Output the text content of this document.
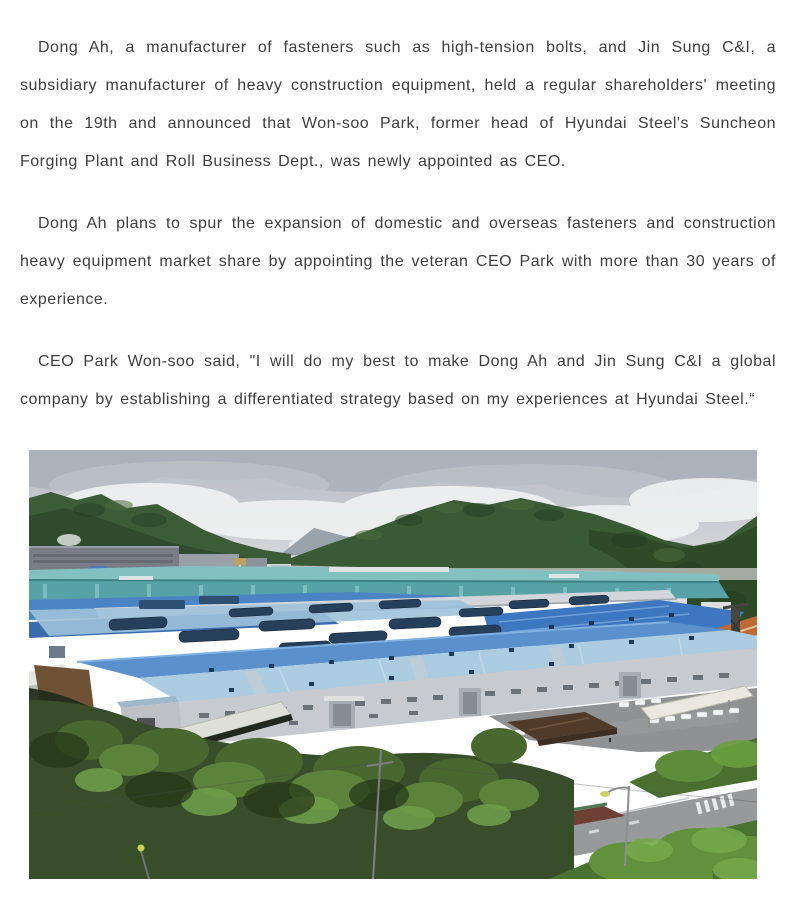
Dong Ah, a manufacturer of fasteners such as high-tension bolts, and Jin Sung C&I, a subsidiary manufacturer of heavy construction equipment, held a regular shareholders' meeting on the 19th and announced that Won-soo Park, former head of Hyundai Steel's Suncheon Forging Plant and Roll Business Dept., was newly appointed as CEO.

Dong Ah plans to spur the expansion of domestic and overseas fasteners and construction heavy equipment market share by appointing the veteran CEO Park with more than 30 years of experience.

CEO Park Won-soo said, "I will do my best to make Dong Ah and Jin Sung C&I a global company by establishing a differentiated strategy based on my experiences at Hyundai Steel.“
